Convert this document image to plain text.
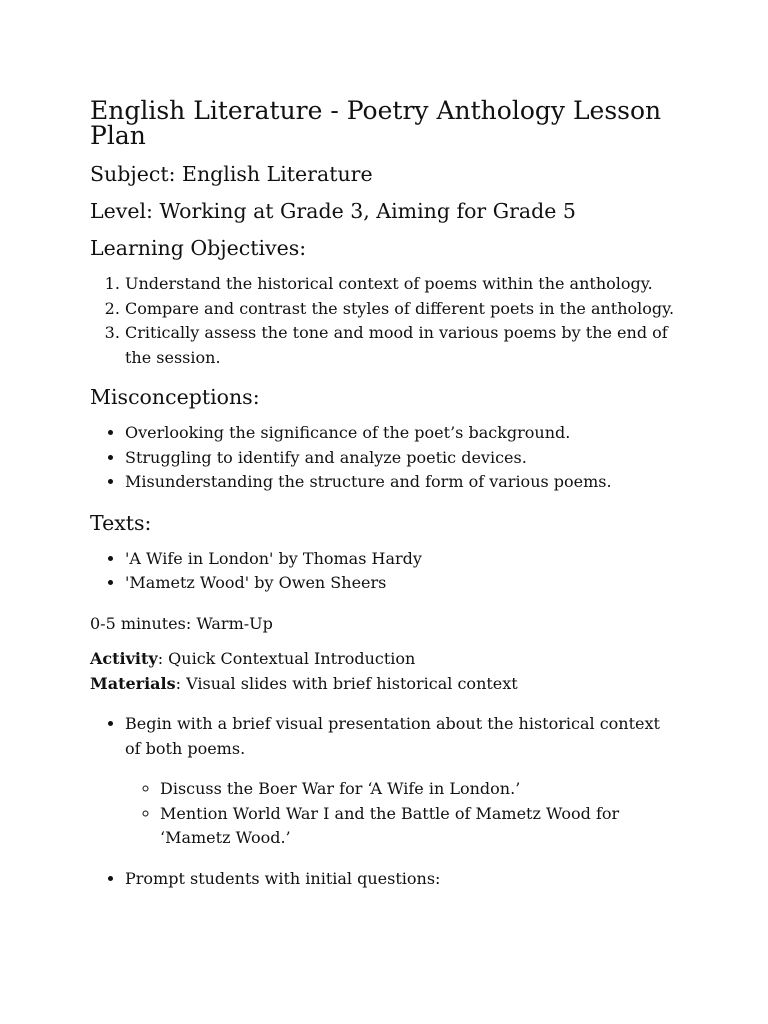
English Literature - Poetry Anthology Lesson Plan
Subject: English Literature
Level: Working at Grade 3, Aiming for Grade 5
Learning Objectives:
1. Understand the historical context of poems within the anthology.
2. Compare and contrast the styles of different poets in the anthology.
3. Critically assess the tone and mood in various poems by the end of the session.
Misconceptions:
• Overlooking the significance of the poet’s background.
• Struggling to identify and analyze poetic devices.
• Misunderstanding the structure and form of various poems.
Texts:
• 'A Wife in London' by Thomas Hardy
• 'Mametz Wood' by Owen Sheers

0-5 minutes: Warm-Up

Activity: Quick Contextual Introduction

Materials: Visual slides with brief historical context

• Begin with a brief visual presentation about the historical context of both poems.
◦ Discuss the Boer War for ‘A Wife in London.’
◦ Mention World War I and the Battle of Mametz Wood for ‘Mametz Wood.’
• Prompt students with initial questions:
